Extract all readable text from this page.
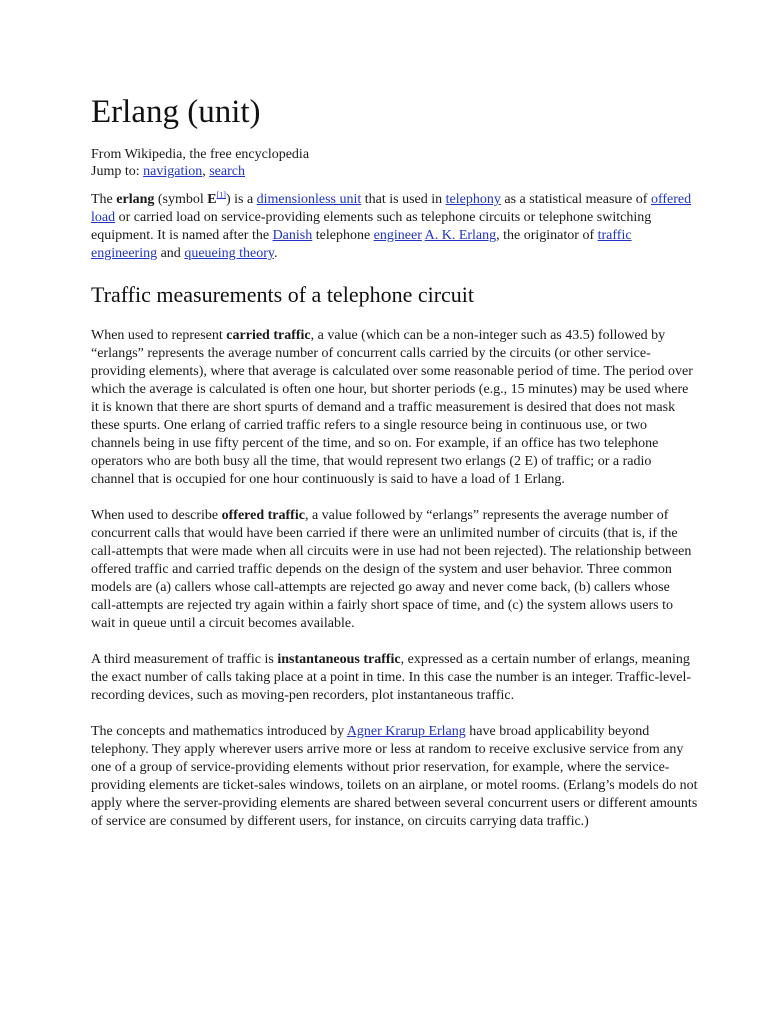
Erlang (unit)
From Wikipedia, the free encyclopedia
Jump to: navigation, search

The erlang (symbol E[1]) is a dimensionless unit that is used in telephony as a statistical measure of offered load or carried load on service-providing elements such as telephone circuits or telephone switching equipment. It is named after the Danish telephone engineer A. K. Erlang, the originator of traffic engineering and queueing theory.

Traffic measurements of a telephone circuit

When used to represent carried traffic, a value (which can be a non-integer such as 43.5) followed by “erlangs” represents the average number of concurrent calls carried by the circuits (or other service-providing elements), where that average is calculated over some reasonable period of time. The period over which the average is calculated is often one hour, but shorter periods (e.g., 15 minutes) may be used where it is known that there are short spurts of demand and a traffic measurement is desired that does not mask these spurts. One erlang of carried traffic refers to a single resource being in continuous use, or two channels being in use fifty percent of the time, and so on. For example, if an office has two telephone operators who are both busy all the time, that would represent two erlangs (2 E) of traffic; or a radio channel that is occupied for one hour continuously is said to have a load of 1 Erlang.

When used to describe offered traffic, a value followed by “erlangs” represents the average number of concurrent calls that would have been carried if there were an unlimited number of circuits (that is, if the call-attempts that were made when all circuits were in use had not been rejected). The relationship between offered traffic and carried traffic depends on the design of the system and user behavior. Three common models are (a) callers whose call-attempts are rejected go away and never come back, (b) callers whose call-attempts are rejected try again within a fairly short space of time, and (c) the system allows users to wait in queue until a circuit becomes available.

A third measurement of traffic is instantaneous traffic, expressed as a certain number of erlangs, meaning the exact number of calls taking place at a point in time. In this case the number is an integer. Traffic-level-recording devices, such as moving-pen recorders, plot instantaneous traffic.

The concepts and mathematics introduced by Agner Krarup Erlang have broad applicability beyond telephony. They apply wherever users arrive more or less at random to receive exclusive service from any one of a group of service-providing elements without prior reservation, for example, where the service-providing elements are ticket-sales windows, toilets on an airplane, or motel rooms. (Erlang’s models do not apply where the server-providing elements are shared between several concurrent users or different amounts of service are consumed by different users, for instance, on circuits carrying data traffic.)
